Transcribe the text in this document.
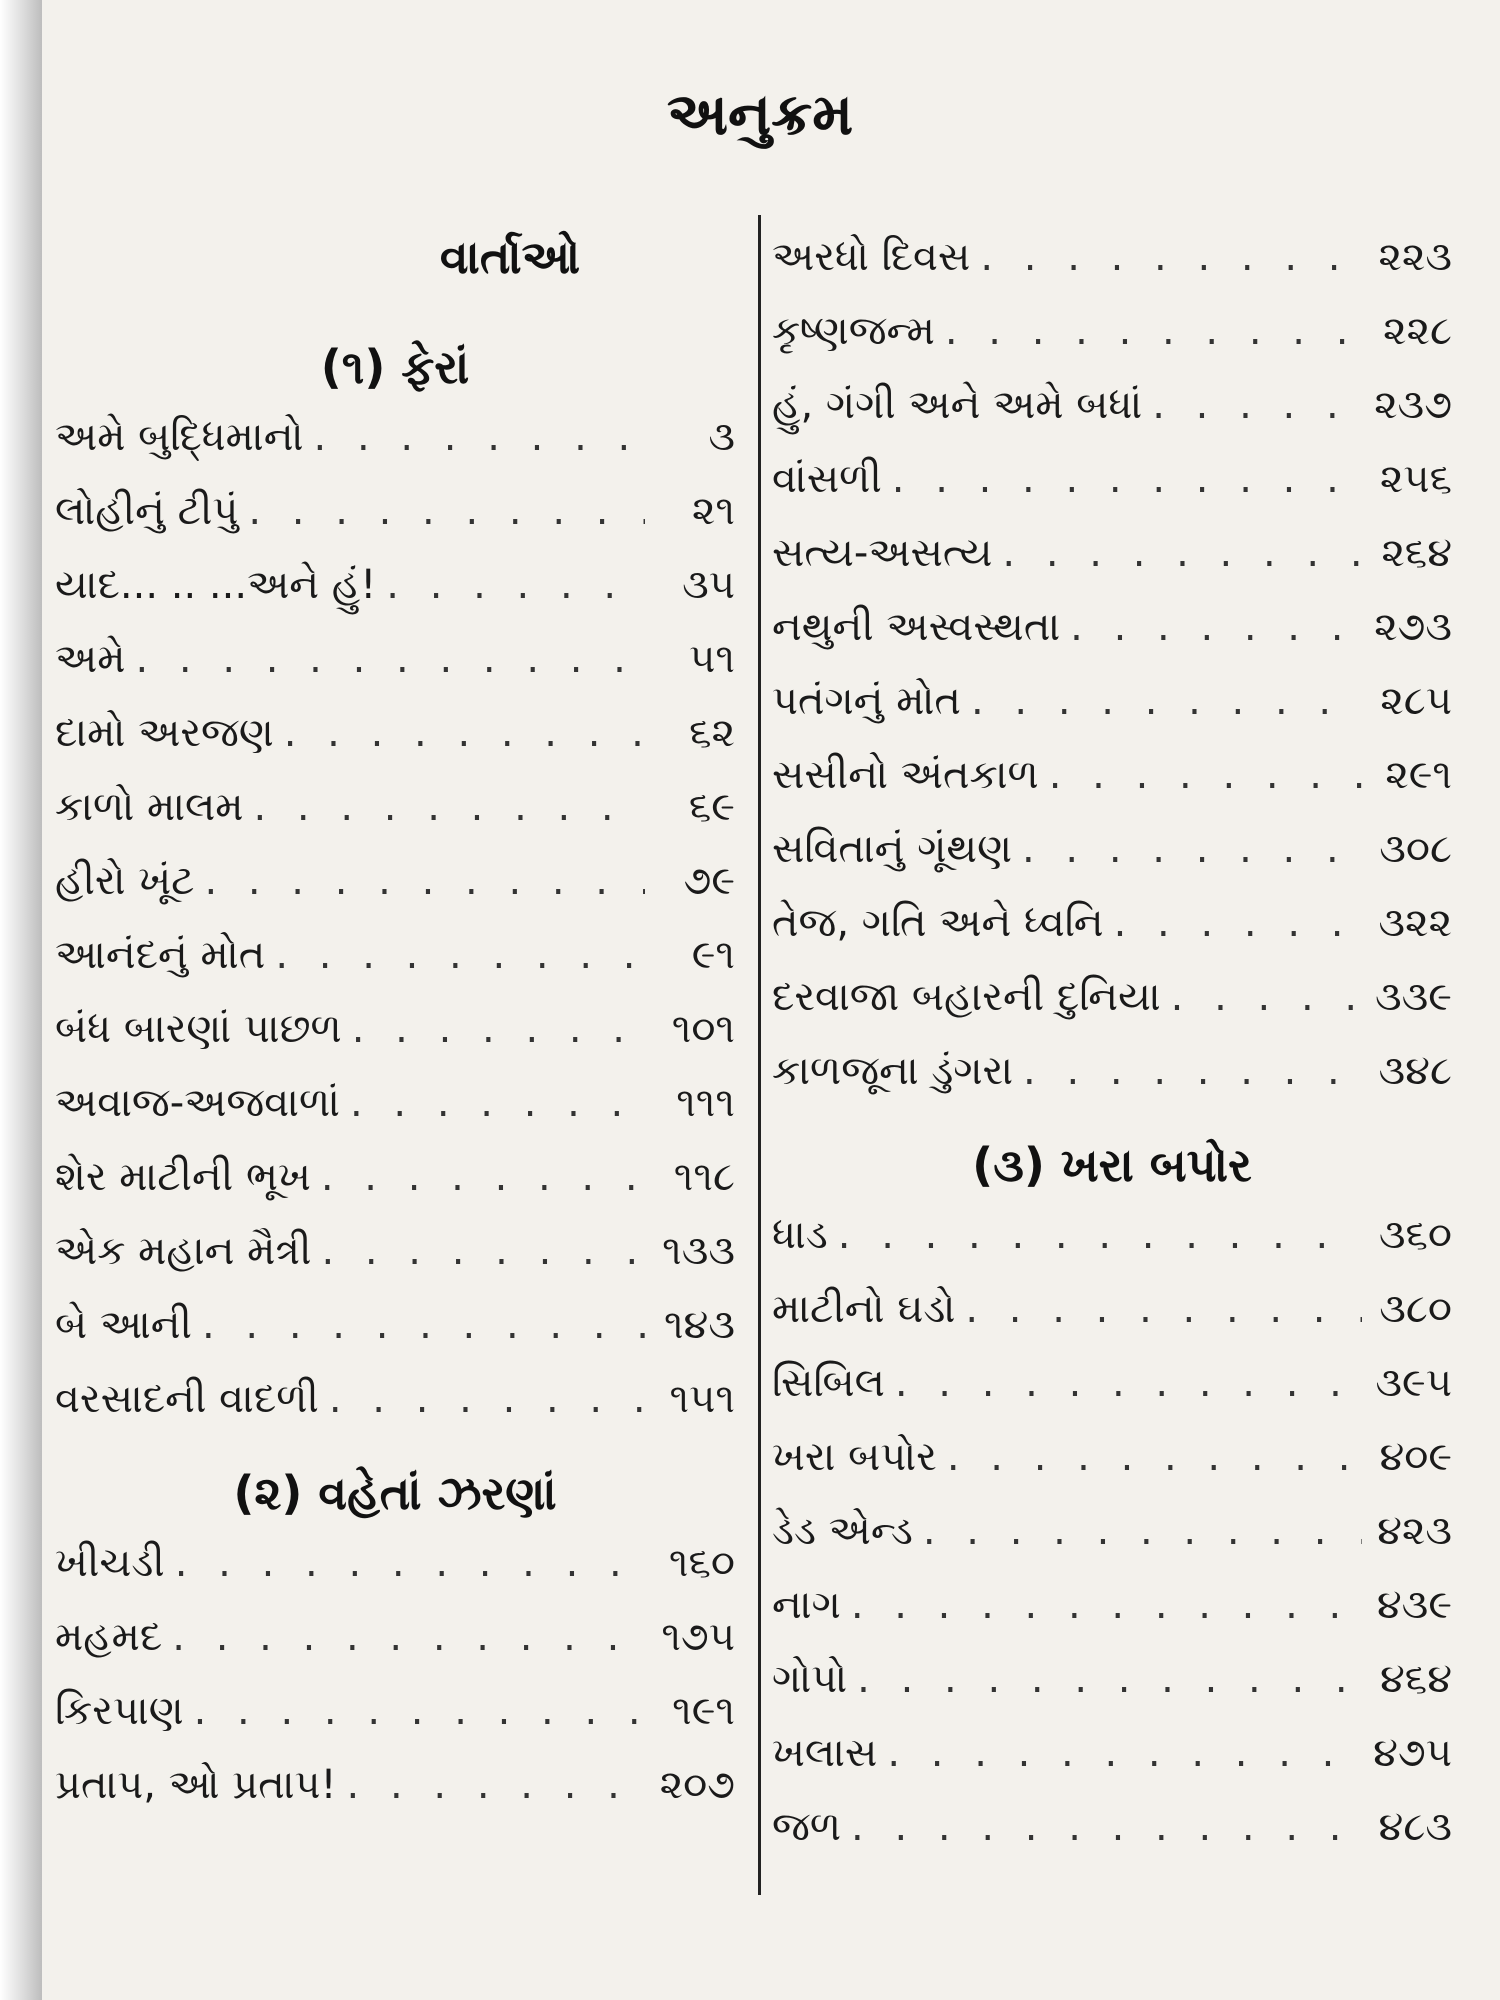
અનુક્રમ
વાર્તાઓ
(૧) ફેરાં
અમે બુદ્ધિમાનો . . .	૩
લોહીનું ટીપું . . .	૨૧
યાદ... .. ...અને હું! . . .	૩૫
અમે . . .	૫૧
દામો અરજણ . . .	૬૨
કાળો માલમ . . .	૬૯
હીરો ખૂંટ . . .	૭૯
આનંદનું મોત . . .	૯૧
બંધ બારણાં પાછળ . . .	૧૦૧
અવાજ-અજવાળાં . . .	૧૧૧
શેર માટીની ભૂખ . . .	૧૧૮
એક મહાન મૈત્રી . . .	૧૩૩
બે આની . . .	૧૪૩
વરસાદની વાદળી . . .	૧૫૧
(૨) વહેતાં ઝરણાં
ખીચડી . . .	૧૬૦
મહમદ . . .	૧૭૫
કિરપાણ . . .	૧૯૧
પ્રતાપ, ઓ પ્રતાપ! . . .	૨૦૭
અરધો દિવસ . . .	૨૨૩
કૃષ્ણજન્મ . . .	૨૨૮
હું, ગંગી અને અમે બધાં . . .	૨૩૭
વાંસળી . . .	૨૫૬
સત્ય-અસત્ય . . .	૨૬૪
નથુની અસ્વસ્થતા . . .	૨૭૩
પતંગનું મોત . . .	૨૮૫
સસીનો અંતકાળ . . .	૨૯૧
સવિતાનું ગૂંથણ . . .	૩૦૮
તેજ, ગતિ અને ધ્વનિ . . .	૩૨૨
દરવાજા બહારની દુનિયા . . .	૩૩૯
કાળજૂના ડુંગરા . . .	૩૪૮
(૩) ખરા બપોર
ધાડ . . .	૩૬૦
માટીનો ઘડો . . .	૩૮૦
સિબિલ . . .	૩૯૫
ખરા બપોર . . .	૪૦૯
ડેડ એન્ડ . . .	૪૨૩
નાગ . . .	૪૩૯
ગોપો . . .	૪૬૪
ખલાસ . . .	૪૭૫
જળ . . .	૪૮૩
